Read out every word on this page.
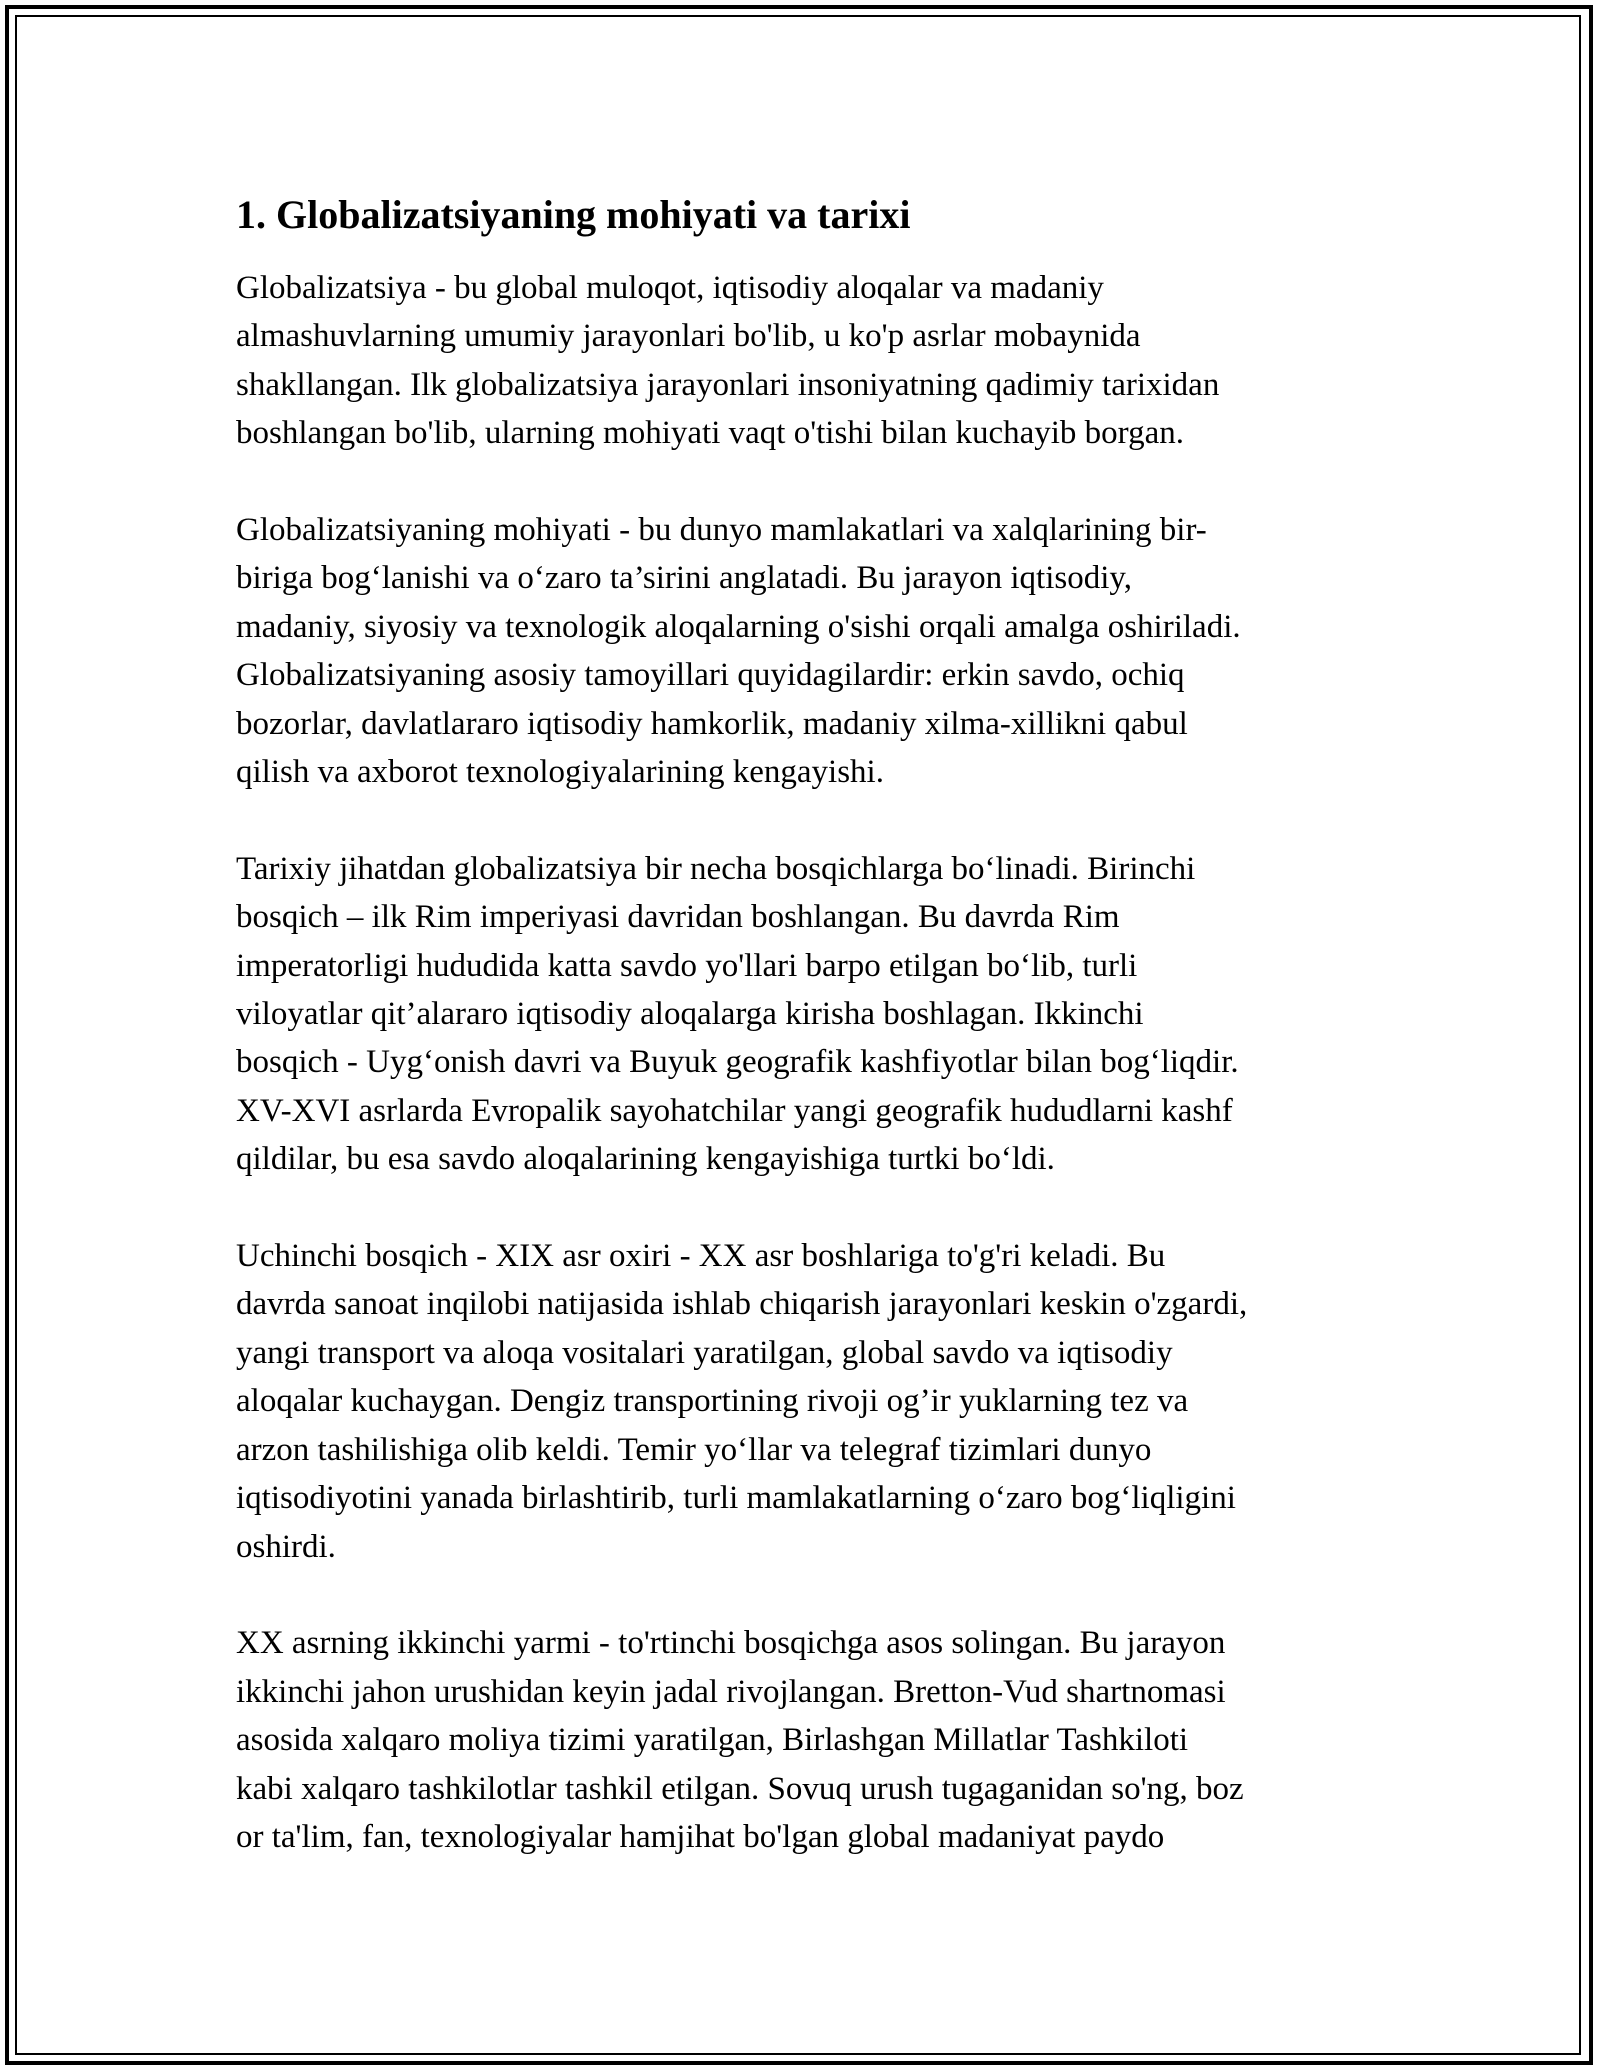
1. Globalizatsiyaning mohiyati va tarixi
Globalizatsiya - bu global muloqot, iqtisodiy aloqalar va madaniy
almashuvlarning umumiy jarayonlari bo'lib, u ko'p asrlar mobaynida
shakllangan. Ilk globalizatsiya jarayonlari insoniyatning qadimiy tarixidan
boshlangan bo'lib, ularning mohiyati vaqt o'tishi bilan kuchayib borgan.
Globalizatsiyaning mohiyati - bu dunyo mamlakatlari va xalqlarining bir-
biriga bog‘lanishi va o‘zaro ta’sirini anglatadi. Bu jarayon iqtisodiy,
madaniy, siyosiy va texnologik aloqalarning o'sishi orqali amalga oshiriladi.
Globalizatsiyaning asosiy tamoyillari quyidagilardir: erkin savdo, ochiq
bozorlar, davlatlararo iqtisodiy hamkorlik, madaniy xilma-xillikni qabul
qilish va axborot texnologiyalarining kengayishi.
Tarixiy jihatdan globalizatsiya bir necha bosqichlarga bo‘linadi. Birinchi
bosqich – ilk Rim imperiyasi davridan boshlangan. Bu davrda Rim
imperatorligi hududida katta savdo yo'llari barpo etilgan bo‘lib, turli
viloyatlar qit’alararo iqtisodiy aloqalarga kirisha boshlagan. Ikkinchi
bosqich - Uyg‘onish davri va Buyuk geografik kashfiyotlar bilan bog‘liqdir.
XV-XVI asrlarda Evropalik sayohatchilar yangi geografik hududlarni kashf
qildilar, bu esa savdo aloqalarining kengayishiga turtki bo‘ldi.
Uchinchi bosqich - XIX asr oxiri - XX asr boshlariga to'g'ri keladi. Bu
davrda sanoat inqilobi natijasida ishlab chiqarish jarayonlari keskin o'zgardi,
yangi transport va aloqa vositalari yaratilgan, global savdo va iqtisodiy
aloqalar kuchaygan. Dengiz transportining rivoji og’ir yuklarning tez va
arzon tashilishiga olib keldi. Temir yo‘llar va telegraf tizimlari dunyo
iqtisodiyotini yanada birlashtirib, turli mamlakatlarning o‘zaro bog‘liqligini
oshirdi.
XX asrning ikkinchi yarmi - to'rtinchi bosqichga asos solingan. Bu jarayon
ikkinchi jahon urushidan keyin jadal rivojlangan. Bretton-Vud shartnomasi
asosida xalqaro moliya tizimi yaratilgan, Birlashgan Millatlar Tashkiloti
kabi xalqaro tashkilotlar tashkil etilgan. Sovuq urush tugaganidan so'ng, boz
or ta'lim, fan, texnologiyalar hamjihat bo'lgan global madaniyat paydo
